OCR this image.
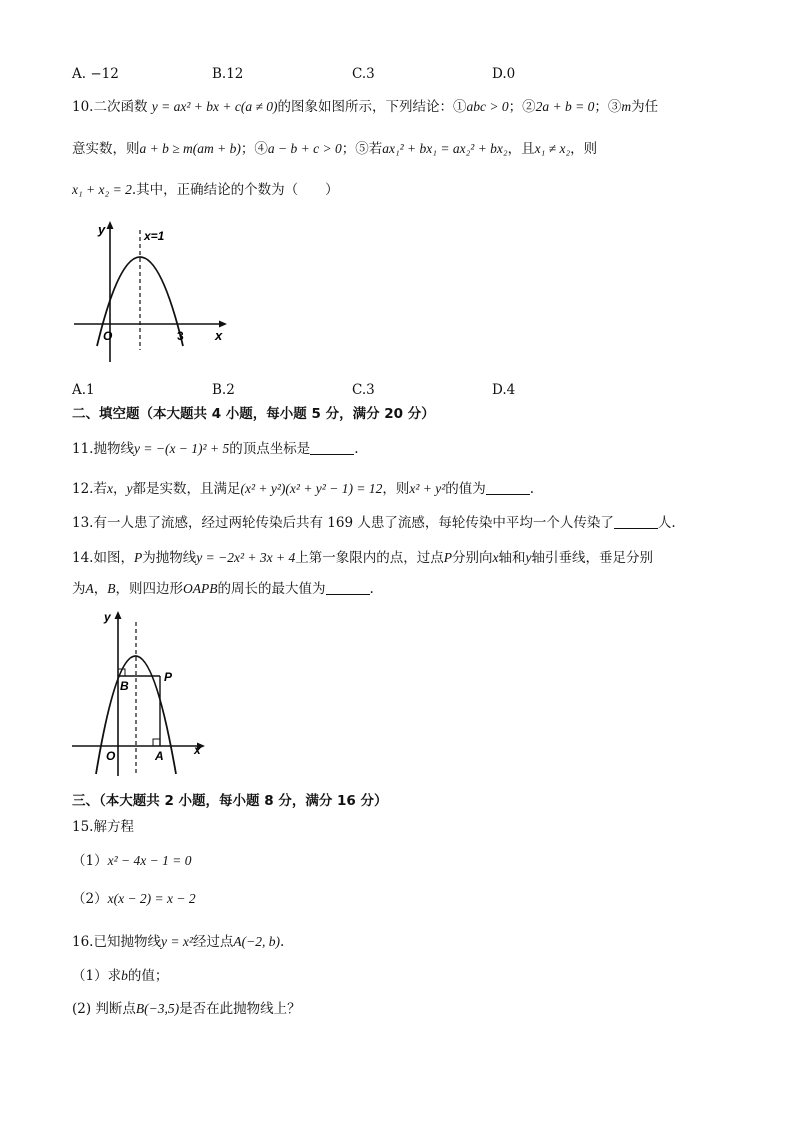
A. −12	B.12	C.3	D.0
10.二次函数 y = ax² + bx + c(a ≠ 0)的图象如图所示，下列结论：①abc > 0；②2a + b = 0；③m为任
意实数，则a + b ≥ m(am + b)；④a − b + c > 0；⑤若ax₁² + bx₁ = ax₂² + bx₂，且x₁ ≠ x₂，则
x₁ + x₂ = 2.其中，正确结论的个数为（　　）
y
x
O
x=1
3
A.1	B.2	C.3	D.4
二、填空题（本大题共 4 小题，每小题 5 分，满分 20 分）
11.抛物线y = −(x − 1)² + 5的顶点坐标是	.
12.若x，y都是实数，且满足(x² + y²)(x² + y² − 1) = 12，则x² + y²的值为	.
13.有一人患了流感，经过两轮传染后共有 169 人患了流感，每轮传染中平均一个人传染了	人.
14.如图，P为抛物线y = −2x² + 3x + 4上第一象限内的点，过点P分别向x轴和y轴引垂线，垂足分别
为A，B，则四边形OAPB的周长的最大值为	.
y
x
O	A
B
P
三、（本大题共 2 小题，每小题 8 分，满分 16 分）
15.解方程
（1）x² − 4x − 1 = 0
（2）x(x − 2) = x − 2
16.已知抛物线y = x²经过点A(−2, b).
（1）求b的值；
(2) 判断点B(−3,5)是否在此抛物线上？
